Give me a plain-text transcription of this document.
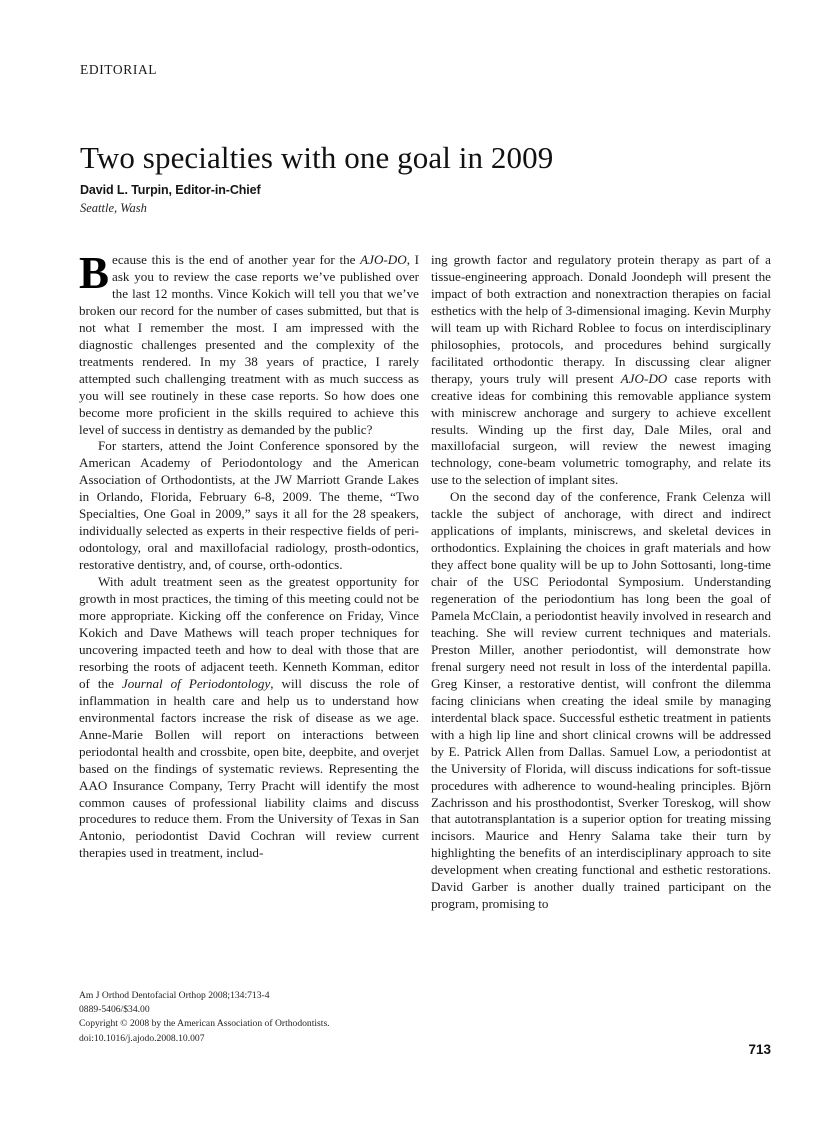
EDITORIAL
Two specialties with one goal in 2009
David L. Turpin, Editor-in-Chief
Seattle, Wash

Because this is the end of another year for the AJO-DO, I ask you to review the case reports we’ve published over the last 12 months. Vince Kokich will tell you that we’ve broken our record for the number of cases submitted, but that is not what I remember the most. I am impressed with the diagnostic challenges presented and the complexity of the treatments rendered. In my 38 years of practice, I rarely attempted such challenging treatment with as much success as you will see routinely in these case reports. So how does one become more proficient in the skills required to achieve this level of success in dentistry as demanded by the public?

For starters, attend the Joint Conference sponsored by the American Academy of Periodontology and the American Association of Orthodontists, at the JW Marriott Grande Lakes in Orlando, Florida, February 6-8, 2009. The theme, “Two Specialties, One Goal in 2009,” says it all for the 28 speakers, individually selected as experts in their respective fields of peri-odontology, oral and maxillofacial radiology, prosth-odontics, restorative dentistry, and, of course, orth-odontics.

With adult treatment seen as the greatest opportunity for growth in most practices, the timing of this meeting could not be more appropriate. Kicking off the conference on Friday, Vince Kokich and Dave Mathews will teach proper techniques for uncovering impacted teeth and how to deal with those that are resorbing the roots of adjacent teeth. Kenneth Komman, editor of the Journal of Periodontology, will discuss the role of inflammation in health care and help us to understand how environmental factors increase the risk of disease as we age. Anne-Marie Bollen will report on interactions between periodontal health and crossbite, open bite, deepbite, and overjet based on the findings of systematic reviews. Representing the AAO Insurance Company, Terry Pracht will identify the most common causes of professional liability claims and discuss procedures to reduce them. From the University of Texas in San Antonio, periodontist David Cochran will review current therapies used in treatment, includ-

ing growth factor and regulatory protein therapy as part of a tissue-engineering approach. Donald Joondeph will present the impact of both extraction and nonextraction therapies on facial esthetics with the help of 3-dimensional imaging. Kevin Murphy will team up with Richard Roblee to focus on interdisciplinary philosophies, protocols, and procedures behind surgically facilitated orthodontic therapy. In discussing clear aligner therapy, yours truly will present AJO-DO case reports with creative ideas for combining this removable appliance system with miniscrew anchorage and surgery to achieve excellent results. Winding up the first day, Dale Miles, oral and maxillofacial surgeon, will review the newest imaging technology, cone-beam volumetric tomography, and relate its use to the selection of implant sites.

On the second day of the conference, Frank Celenza will tackle the subject of anchorage, with direct and indirect applications of implants, miniscrews, and skeletal devices in orthodontics. Explaining the choices in graft materials and how they affect bone quality will be up to John Sottosanti, long-time chair of the USC Periodontal Symposium. Understanding regeneration of the periodontium has long been the goal of Pamela McClain, a periodontist heavily involved in research and teaching. She will review current techniques and materials. Preston Miller, another periodontist, will demonstrate how frenal surgery need not result in loss of the interdental papilla. Greg Kinser, a restorative dentist, will confront the dilemma facing clinicians when creating the ideal smile by managing interdental black space. Successful esthetic treatment in patients with a high lip line and short clinical crowns will be addressed by E. Patrick Allen from Dallas. Samuel Low, a periodontist at the University of Florida, will discuss indications for soft-tissue procedures with adherence to wound-healing principles. Björn Zachrisson and his prosthodontist, Sverker Toreskog, will show that autotransplantation is a superior option for treating missing incisors. Maurice and Henry Salama take their turn by highlighting the benefits of an interdisciplinary approach to site development when creating functional and esthetic restorations. David Garber is another dually trained participant on the program, promising to

Am J Orthod Dentofacial Orthop 2008;134:713-4
0889-5406/$34.00
Copyright © 2008 by the American Association of Orthodontists.
doi:10.1016/j.ajodo.2008.10.007
713
